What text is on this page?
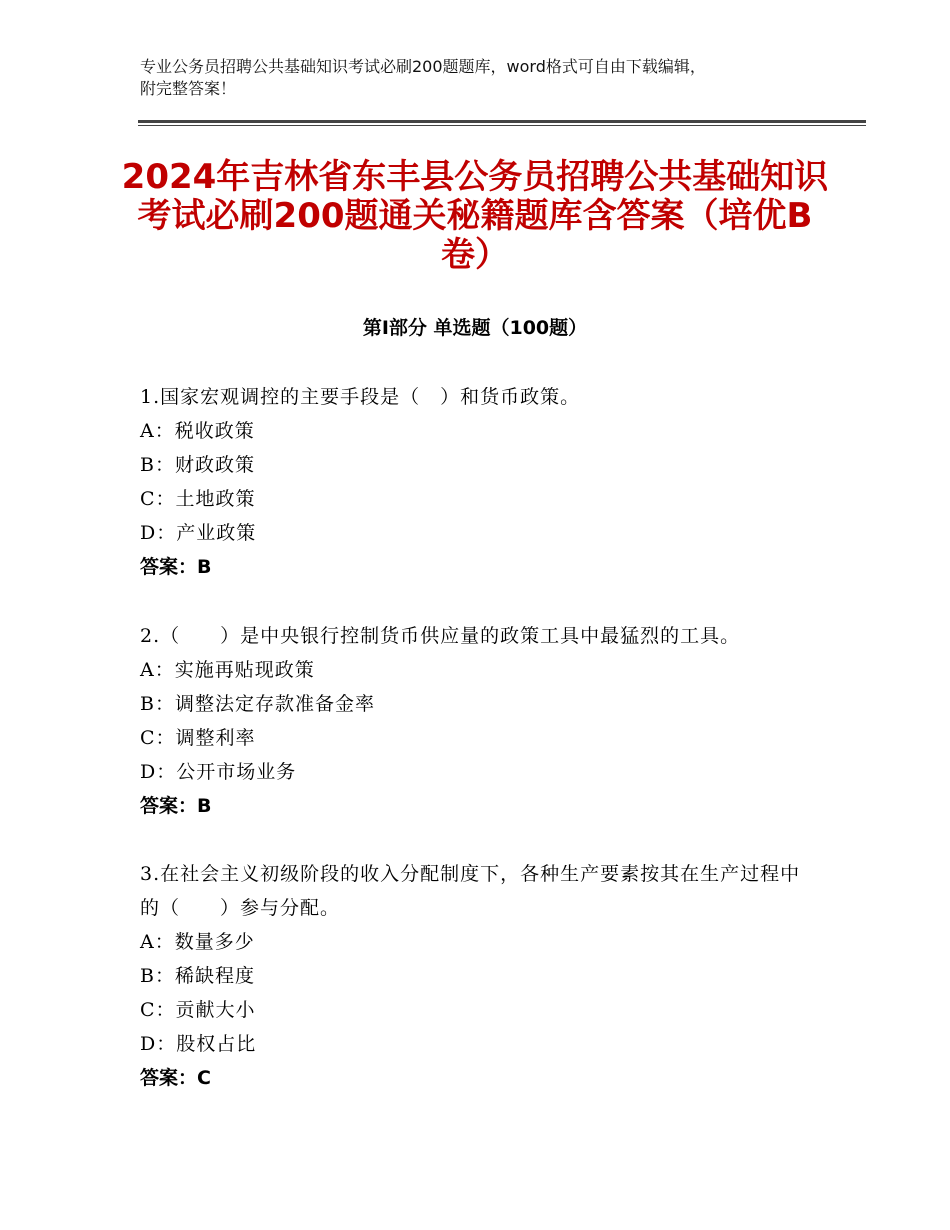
专业公务员招聘公共基础知识考试必刷200题题库，word格式可自由下载编辑，

附完整答案！

2024年吉林省东丰县公务员招聘公共基础知识考试必刷200题通关秘籍题库含答案（培优B卷）
第I部分 单选题（100题）
1.国家宏观调控的主要手段是（　）和货币政策。
A：税收政策
B：财政政策
C：土地政策
D：产业政策
答案：B
2.（　　）是中央银行控制货币供应量的政策工具中最猛烈的工具。
A：实施再贴现政策
B：调整法定存款准备金率
C：调整利率
D：公开市场业务
答案：B
3.在社会主义初级阶段的收入分配制度下，各种生产要素按其在生产过程中的（　　）参与分配。
A：数量多少
B：稀缺程度
C：贡献大小
D：股权占比
答案：C
